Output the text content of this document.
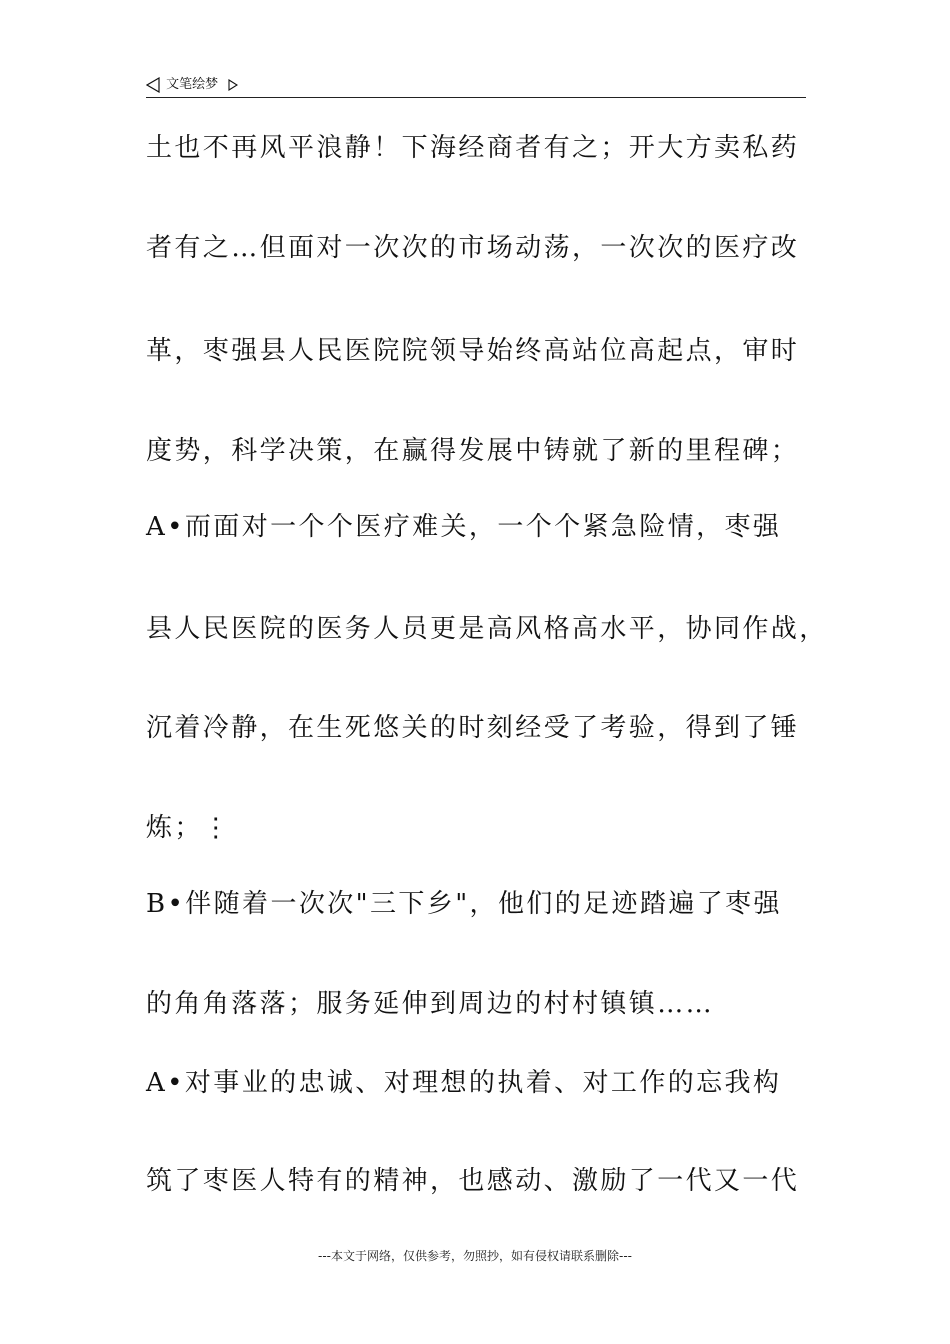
文笔绘梦
土也不再风平浪静！下海经商者有之；开大方卖私药
者有之…但面对一次次的市场动荡，一次次的医疗改
革，枣强县人民医院院领导始终高站位高起点，审时
度势，科学决策，在赢得发展中铸就了新的里程碑；
A•而面对一个个医疗难关，一个个紧急险情，枣强
县人民医院的医务人员更是高风格高水平，协同作战，
沉着冷静，在生死悠关的时刻经受了考验，得到了锤
炼；⋮
B•伴随着一次次"三下乡"，他们的足迹踏遍了枣强
的角角落落；服务延伸到周边的村村镇镇……
A•对事业的忠诚、对理想的执着、对工作的忘我构
筑了枣医人特有的精神，也感动、激励了一代又一代
---本文于网络，仅供参考，勿照抄，如有侵权请联系删除---
